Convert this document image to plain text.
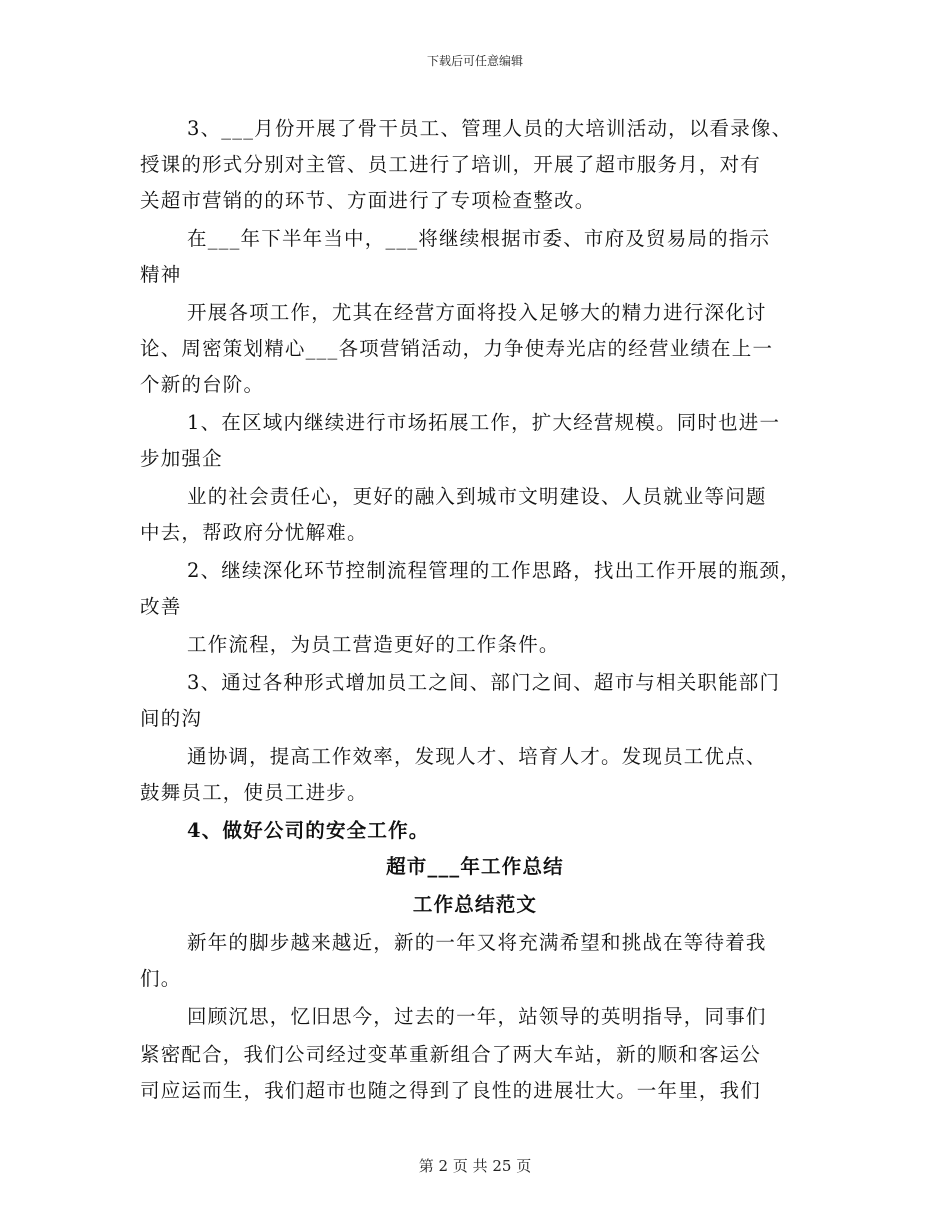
下载后可任意编辑
3、___月份开展了骨干员工、管理人员的大培训活动，以看录像、
授课的形式分别对主管、员工进行了培训，开展了超市服务月，对有
关超市营销的的环节、方面进行了专项检查整改。
在___年下半年当中，___将继续根据市委、市府及贸易局的指示
精神
开展各项工作，尤其在经营方面将投入足够大的精力进行深化讨
论、周密策划精心___各项营销活动，力争使寿光店的经营业绩在上一
个新的台阶。
1、在区域内继续进行市场拓展工作，扩大经营规模。同时也进一
步加强企
业的社会责任心，更好的融入到城市文明建设、人员就业等问题
中去，帮政府分忧解难。
2、继续深化环节控制流程管理的工作思路，找出工作开展的瓶颈，
改善
工作流程，为员工营造更好的工作条件。
3、通过各种形式增加员工之间、部门之间、超市与相关职能部门
间的沟
通协调，提高工作效率，发现人才、培育人才。发现员工优点、
鼓舞员工，使员工进步。
4、做好公司的安全工作。
超市___年工作总结
工作总结范文
新年的脚步越来越近，新的一年又将充满希望和挑战在等待着我
们。
回顾沉思，忆旧思今，过去的一年，站领导的英明指导，同事们
紧密配合，我们公司经过变革重新组合了两大车站，新的顺和客运公
司应运而生，我们超市也随之得到了良性的进展壮大。一年里，我们
第 2 页 共 25 页
